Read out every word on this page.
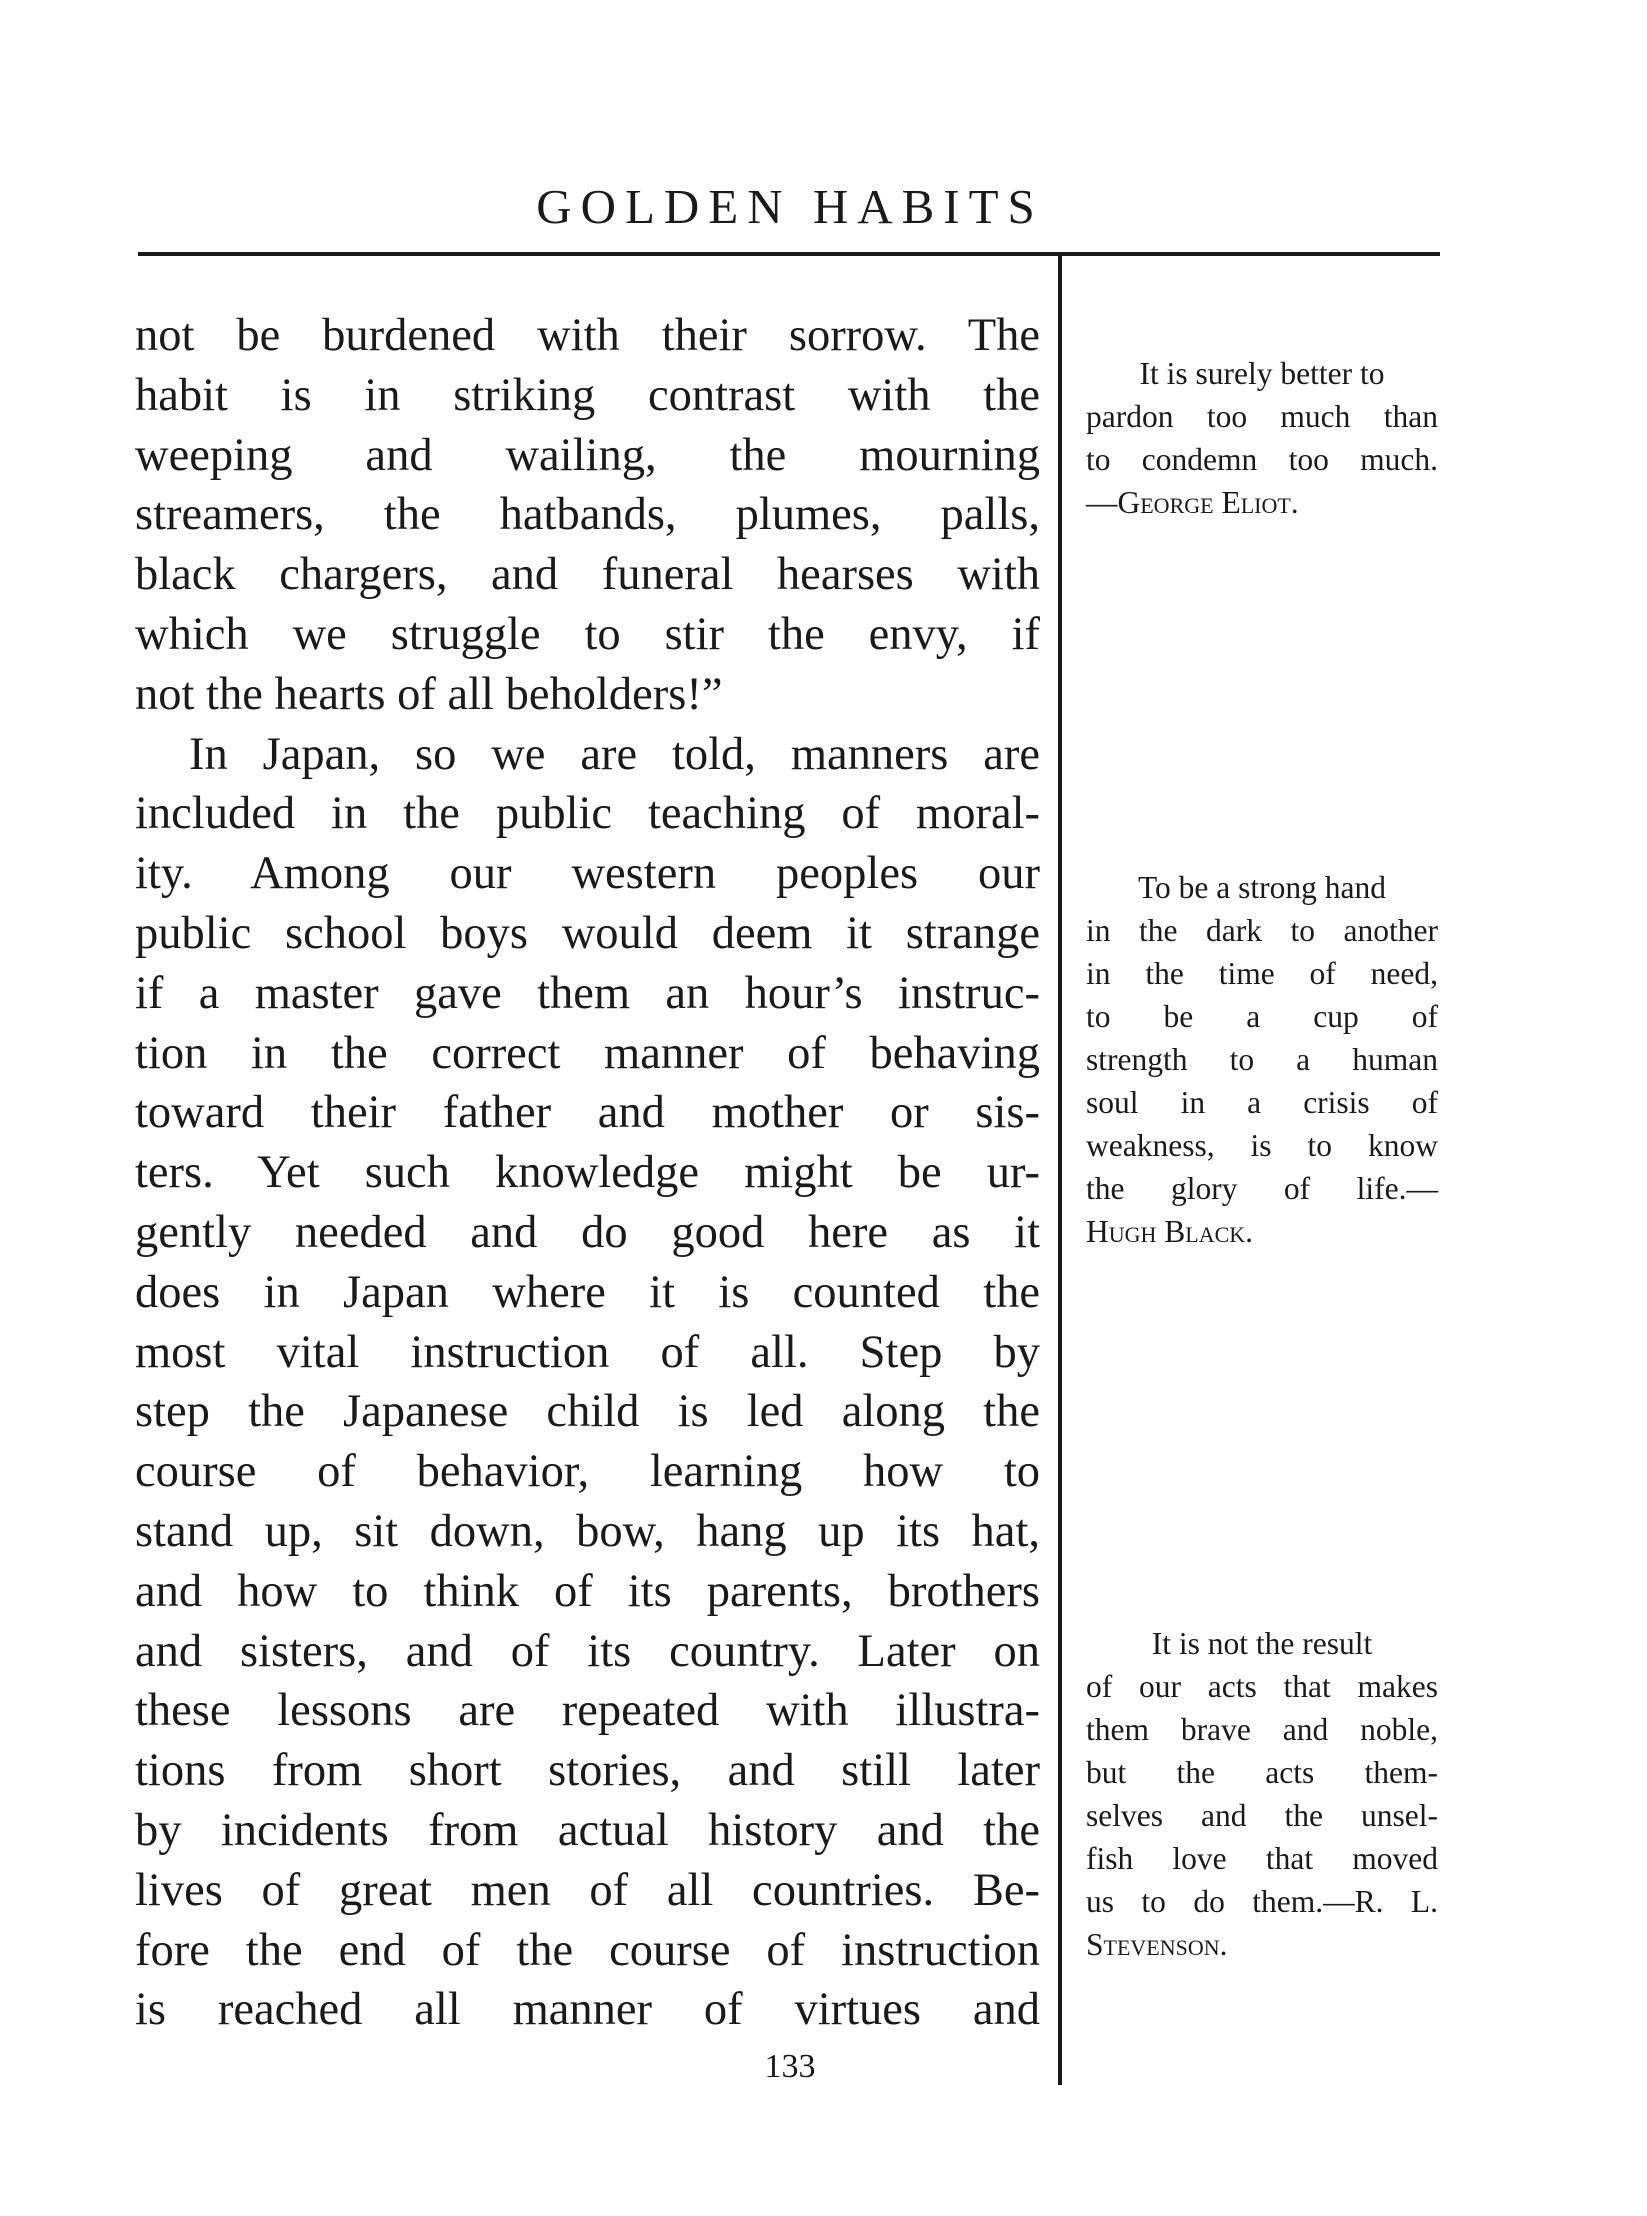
GOLDEN HABITS
not be burdened with their sorrow. The
habit is in striking contrast with the
weeping and wailing, the mourning
streamers, the hatbands, plumes, palls,
black chargers, and funeral hearses with
which we struggle to stir the envy, if
not the hearts of all beholders!”
In Japan, so we are told, manners are
included in the public teaching of moral-
ity. Among our western peoples our
public school boys would deem it strange
if a master gave them an hour’s instruc-
tion in the correct manner of behaving
toward their father and mother or sis-
ters. Yet such knowledge might be ur-
gently needed and do good here as it
does in Japan where it is counted the
most vital instruction of all. Step by
step the Japanese child is led along the
course of behavior, learning how to
stand up, sit down, bow, hang up its hat,
and how to think of its parents, brothers
and sisters, and of its country. Later on
these lessons are repeated with illustra-
tions from short stories, and still later
by incidents from actual history and the
lives of great men of all countries. Be-
fore the end of the course of instruction
is reached all manner of virtues and
It is surely better to
pardon too much than
to condemn too much.
—George Eliot.
To be a strong hand
in the dark to another
in the time of need,
to be a cup of
strength to a human
soul in a crisis of
weakness, is to know
the glory of life.—
Hugh Black.
It is not the result
of our acts that makes
them brave and noble,
but the acts them-
selves and the unsel-
fish love that moved
us to do them.—R. L.
Stevenson.
133
